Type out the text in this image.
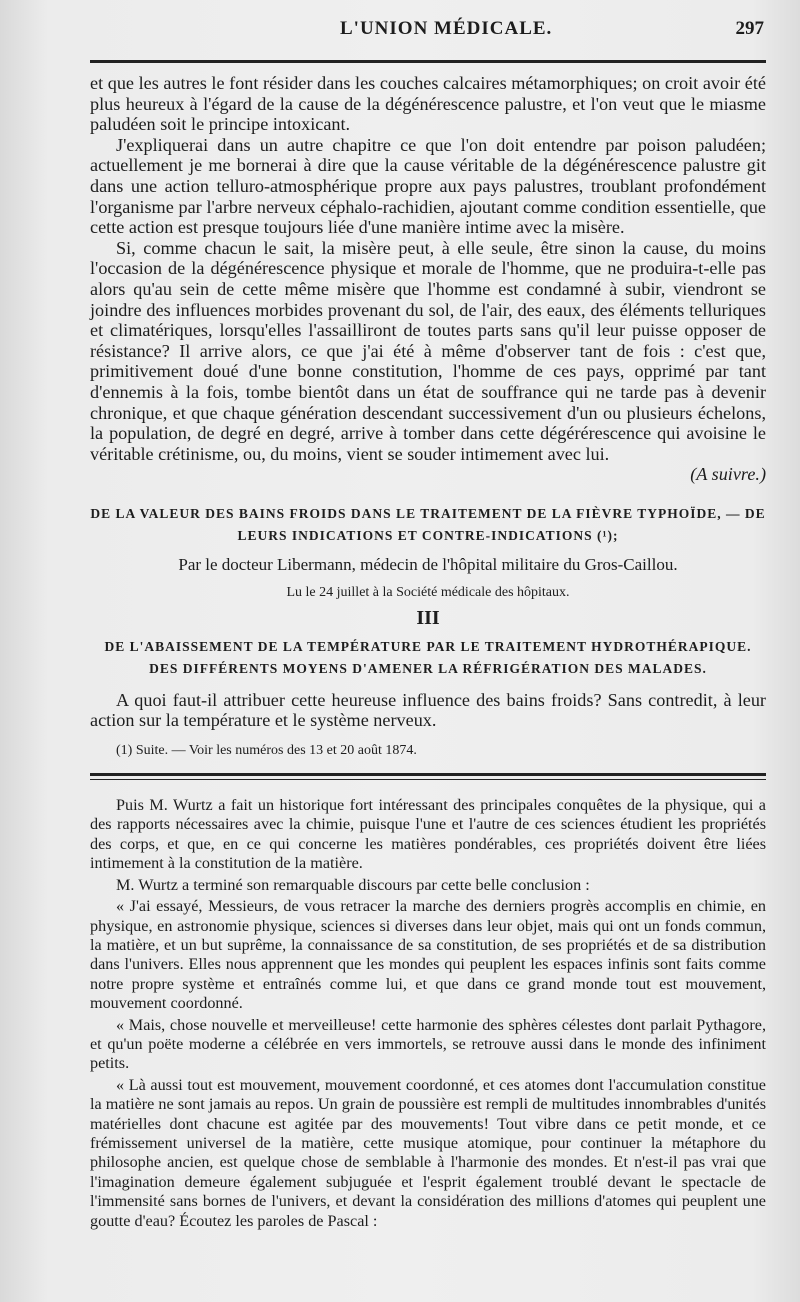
L'UNION MÉDICALE.	297

et que les autres le font résider dans les couches calcaires métamorphiques; on croit avoir été plus heureux à l'égard de la cause de la dégénérescence palustre, et l'on veut que le miasme paludéen soit le principe intoxicant.

J'expliquerai dans un autre chapitre ce que l'on doit entendre par poison paludéen; actuellement je me bornerai à dire que la cause véritable de la dégénérescence palustre git dans une action telluro-atmosphérique propre aux pays palustres, troublant profondément l'organisme par l'arbre nerveux céphalo-rachidien, ajoutant comme condition essentielle, que cette action est presque toujours liée d'une manière intime avec la misère.

Si, comme chacun le sait, la misère peut, à elle seule, être sinon la cause, du moins l'occasion de la dégénérescence physique et morale de l'homme, que ne produira-t-elle pas alors qu'au sein de cette même misère que l'homme est condamné à subir, viendront se joindre des influences morbides provenant du sol, de l'air, des eaux, des éléments telluriques et climatériques, lorsqu'elles l'assailliront de toutes parts sans qu'il leur puisse opposer de résistance? Il arrive alors, ce que j'ai été à même d'observer tant de fois : c'est que, primitivement doué d'une bonne constitution, l'homme de ces pays, opprimé par tant d'ennemis à la fois, tombe bientôt dans un état de souffrance qui ne tarde pas à devenir chronique, et que chaque génération descendant successivement d'un ou plusieurs échelons, la population, de degré en degré, arrive à tomber dans cette dégérérescence qui avoisine le véritable crétinisme, ou, du moins, vient se souder intimement avec lui.

(A suivre.)

DE LA VALEUR DES BAINS FROIDS DANS LE TRAITEMENT DE LA FIÈVRE TYPHOÏDE, — DE LEURS INDICATIONS ET CONTRE-INDICATIONS (¹);
Par le docteur Libermann, médecin de l'hôpital militaire du Gros-Caillou.
Lu le 24 juillet à la Société médicale des hôpitaux.
III
DE L'ABAISSEMENT DE LA TEMPÉRATURE PAR LE TRAITEMENT HYDROTHÉRAPIQUE. DES DIFFÉRENTS MOYENS D'AMENER LA RÉFRIGÉRATION DES MALADES.

A quoi faut-il attribuer cette heureuse influence des bains froids? Sans contredit, à leur action sur la température et le système nerveux.

(1) Suite. — Voir les numéros des 13 et 20 août 1874.

Puis M. Wurtz a fait un historique fort intéressant des principales conquêtes de la physique, qui a des rapports nécessaires avec la chimie, puisque l'une et l'autre de ces sciences étudient les propriétés des corps, et que, en ce qui concerne les matières pondérables, ces propriétés doivent être liées intimement à la constitution de la matière.

M. Wurtz a terminé son remarquable discours par cette belle conclusion :

« J'ai essayé, Messieurs, de vous retracer la marche des derniers progrès accomplis en chimie, en physique, en astronomie physique, sciences si diverses dans leur objet, mais qui ont un fonds commun, la matière, et un but suprême, la connaissance de sa constitution, de ses propriétés et de sa distribution dans l'univers. Elles nous apprennent que les mondes qui peuplent les espaces infinis sont faits comme notre propre système et entraînés comme lui, et que dans ce grand monde tout est mouvement, mouvement coordonné.

« Mais, chose nouvelle et merveilleuse! cette harmonie des sphères célestes dont parlait Pythagore, et qu'un poëte moderne a célébrée en vers immortels, se retrouve aussi dans le monde des infiniment petits.

« Là aussi tout est mouvement, mouvement coordonné, et ces atomes dont l'accumulation constitue la matière ne sont jamais au repos. Un grain de poussière est rempli de multitudes innombrables d'unités matérielles dont chacune est agitée par des mouvements! Tout vibre dans ce petit monde, et ce frémissement universel de la matière, cette musique atomique, pour continuer la métaphore du philosophe ancien, est quelque chose de semblable à l'harmonie des mondes. Et n'est-il pas vrai que l'imagination demeure également subjuguée et l'esprit également troublé devant le spectacle de l'immensité sans bornes de l'univers, et devant la considération des millions d'atomes qui peuplent une goutte d'eau? Écoutez les paroles de Pascal :
